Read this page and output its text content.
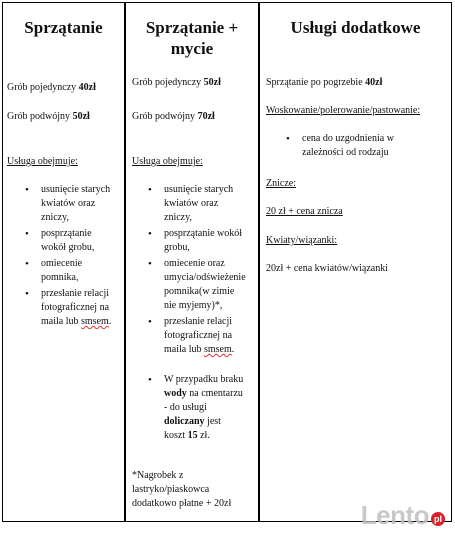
Sprzątanie
Grób pojedynczy 40zł
Grób podwójny 50zł
Usługa obejmuje:
• usunięcie starych
kwiatów oraz
zniczy,
• posprzątanie
wokół grobu,
• omiecenie
pomnika,
• przesłanie relacji
fotograficznej na
maila lub smsem.
Sprzątanie +
mycie
Grób pojedynczy 50zł
Grób podwójny 70zł
Usługa obejmuje:
• usunięcie starych
kwiatów oraz
zniczy,
• posprzątanie wokół
grobu,
• omiecenie oraz
umycia/odświeżenie
pomnika(w zimie
nie myjemy)*,
• przesłanie relacji
fotograficznej na
maila lub smsem.
• W przypadku braku
wody na cmentarzu
- do usługi
doliczany jest
koszt 15 zł.
*Nagrobek z
lastryko/piaskowca
dodatkowo płatne + 20zł
Usługi dodatkowe
Sprzątanie po pogrzebie 40zł
Woskowanie/polerowanie/pastowanie:
• cena do uzgodnienia w
zależności od rodzaju
Znicze:
20 zł + cena znicza
Kwiaty/wiązanki:
20zł + cena kwiatów/wiązanki
Lento pl
